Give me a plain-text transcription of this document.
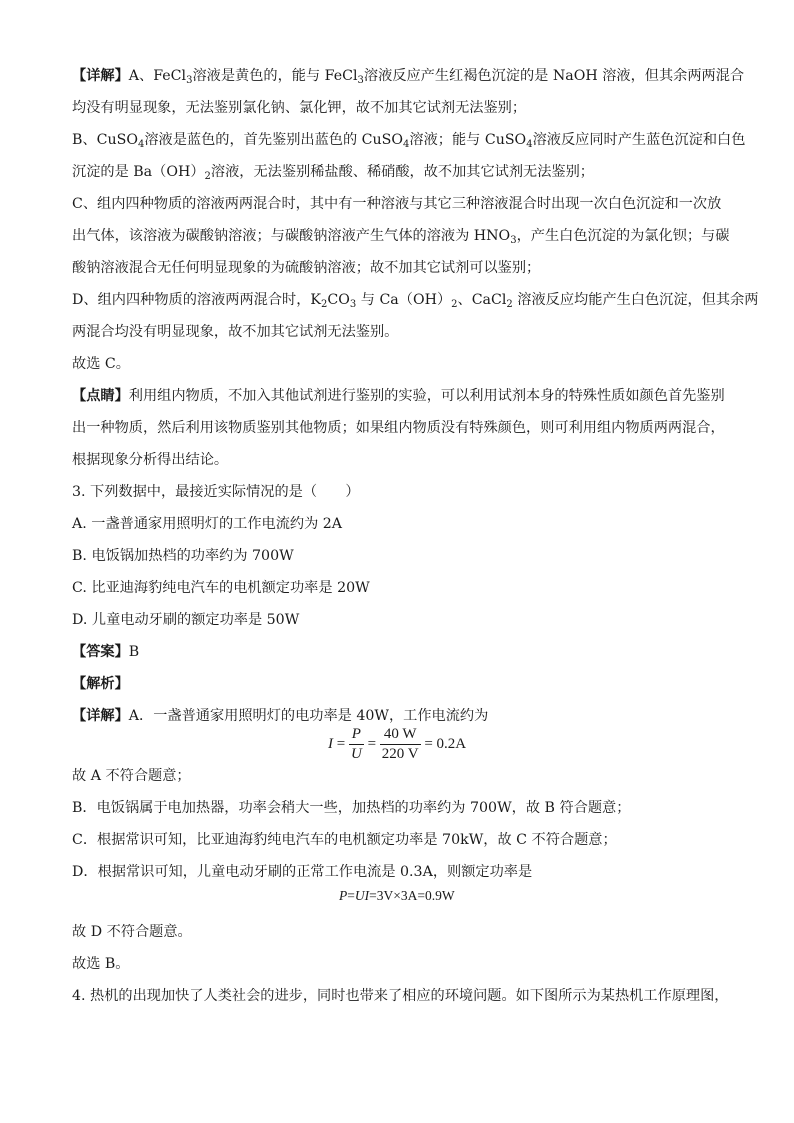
【详解】A、FeCl$_3$溶液是黄色的，能与 FeCl$_3$溶液反应产生红褐色沉淀的是 NaOH 溶液，但其余两两混合
均没有明显现象，无法鉴别氯化钠、氯化钾，故不加其它试剂无法鉴别；
B、CuSO$_4$溶液是蓝色的，首先鉴别出蓝色的 CuSO$_4$溶液；能与 CuSO$_4$溶液反应同时产生蓝色沉淀和白色
沉淀的是 $Ba(OH)_2$溶液，无法鉴别稀盐酸、稀硝酸，故不加其它试剂无法鉴别；
C、组内四种物质的溶液两两混合时，其中有一种溶液与其它三种溶液混合时出现一次白色沉淀和一次放
出气体，该溶液为碳酸钠溶液；与碳酸钠溶液产生气体的溶液为 $HNO_3$，产生白色沉淀的为氯化钡；与碳
酸钠溶液混合无任何明显现象的为硫酸钠溶液；故不加其它试剂可以鉴别；
D、组内四种物质的溶液两两混合时，$K_2CO_3$ 与 $Ca(OH)_2$、CaCl$_2$ 溶液反应均能产生白色沉淀，但其余两
两混合均没有明显现象，故不加其它试剂无法鉴别。
故选 C。
【点睛】利用组内物质，不加入其他试剂进行鉴别的实验，可以利用试剂本身的特殊性质如颜色首先鉴别
出一种物质，然后利用该物质鉴别其他物质；如果组内物质没有特殊颜色，则可利用组内物质两两混合，
根据现象分析得出结论。
3. 下列数据中，最接近实际情况的是（　　）
A. 一盏普通家用照明灯的工作电流约为 2A
B. 电饭锅加热档的功率约为 700W
C. 比亚迪海豹纯电汽车的电机额定功率是 20W
D. 儿童电动牙刷的额定功率是 50W
【答案】B
【解析】
【详解】A．一盏普通家用照明灯的电功率是 40W，工作电流约为
$I = \frac{P}{U} = \frac{40 W}{220 V} = 0.2A$
故 A 不符合题意；
B．电饭锅属于电加热器，功率会稍大一些，加热档的功率约为 700W，故 B 符合题意；
C．根据常识可知，比亚迪海豹纯电汽车的电机额定功率是 70kW，故 C 不符合题意；
D．根据常识可知，儿童电动牙刷的正常工作电流是 0.3A，则额定功率是
P=UI=3V×3A=0.9W
故 D 不符合题意。
故选 B。
4. 热机的出现加快了人类社会的进步，同时也带来了相应的环境问题。如下图所示为某热机工作原理图，
